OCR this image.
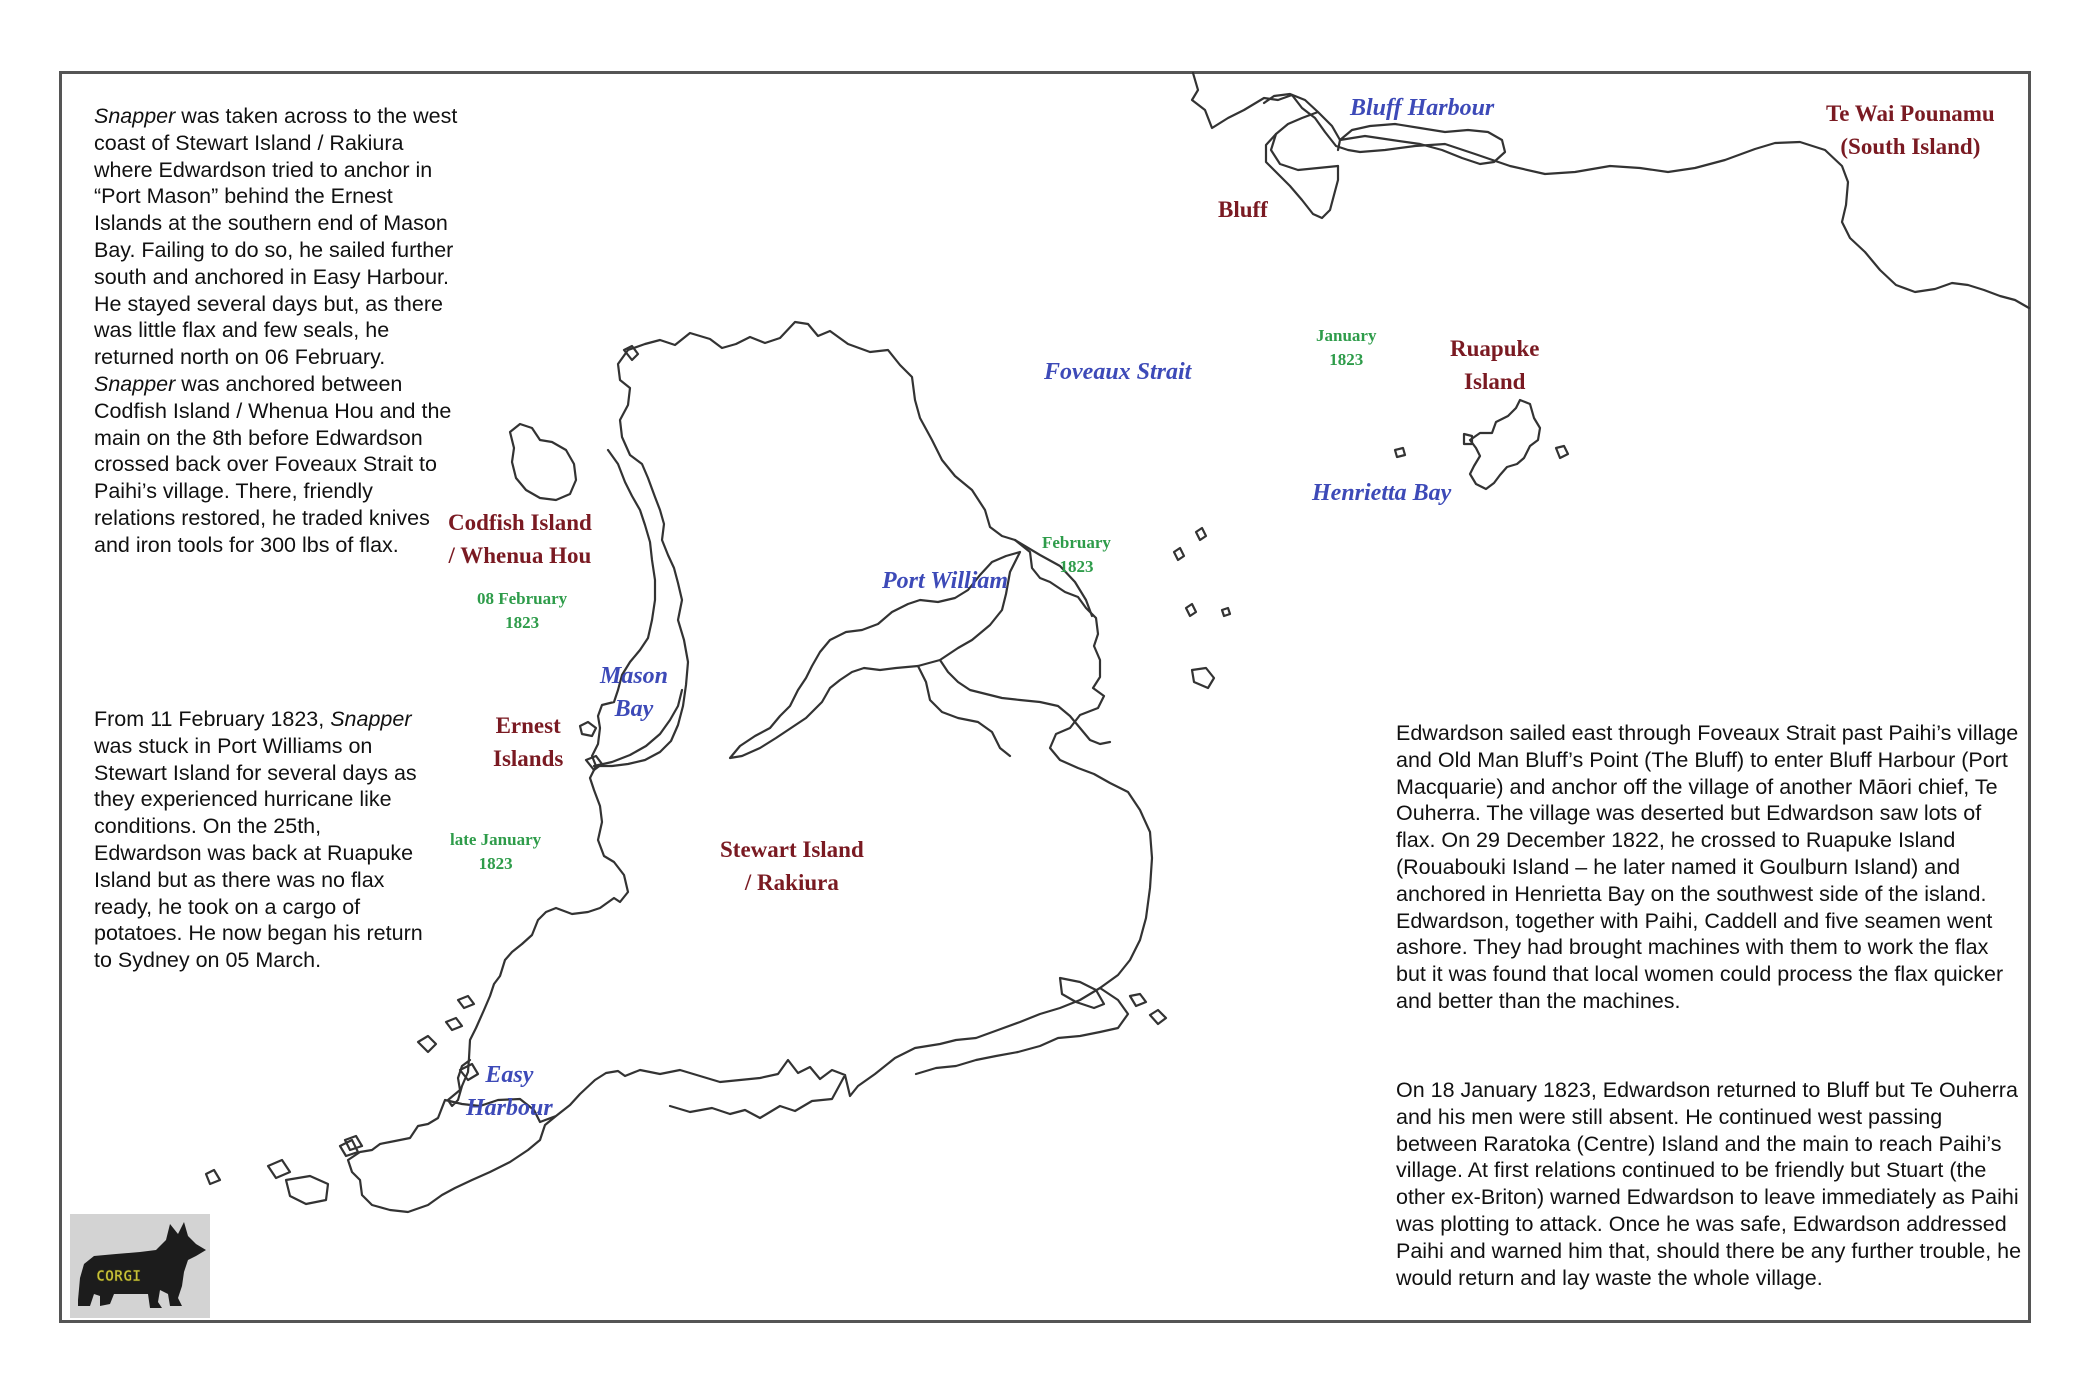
Snapper was taken across to the west coast of Stewart Island / Rakiura where Edwardson tried to anchor in “Port Mason” behind the Ernest Islands at the southern end of Mason Bay. Failing to do so, he sailed further south and anchored in Easy Harbour. He stayed several days but, as there was little flax and few seals, he returned north on 06 February. Snapper was anchored between Codfish Island / Whenua Hou and the main on the 8th before Edwardson crossed back over Foveaux Strait to Paihi’s village. There, friendly relations restored, he traded knives and iron tools for 300 lbs of flax.

From 11 February 1823, Snapper was stuck in Port Williams on Stewart Island for several days as they experienced hurricane like conditions. On the 25th, Edwardson was back at Ruapuke Island but as there was no flax ready, he took on a cargo of potatoes. He now began his return to Sydney on 05 March.

Edwardson sailed east through Foveaux Strait past Paihi’s village and Old Man Bluff’s Point (The Bluff) to enter Bluff Harbour (Port Macquarie) and anchor off the village of another Māori chief, Te Ouherra. The village was deserted but Edwardson saw lots of flax. On 29 December 1822, he crossed to Ruapuke Island (Rouabouki Island – he later named it Goulburn Island) and anchored in Henrietta Bay on the southwest side of the island. Edwardson, together with Paihi, Caddell and five seamen went ashore. They had brought machines with them to work the flax but it was found that local women could process the flax quicker and better than the machines.

On 18 January 1823, Edwardson returned to Bluff but Te Ouherra and his men were still absent. He continued west passing between Raratoka (Centre) Island and the main to reach Paihi’s village. At first relations continued to be friendly but Stuart (the other ex-Briton) warned Edwardson to leave immediately as Paihi was plotting to attack. Once he was safe, Edwardson addressed Paihi and warned him that, should there be any further trouble, he would return and lay waste the whole village.

Bluff
Te Wai Pounamu
(South Island)
Ruapuke
Island
Codfish Island
/ Whenua Hou
Ernest
Islands
Stewart Island
/ Rakiura
Bluff Harbour
Foveaux Strait
Henrietta Bay
Port William
Mason
Bay
Easy
Harbour
January
1823
February
1823
08 February
1823
late January
1823
CORGI
